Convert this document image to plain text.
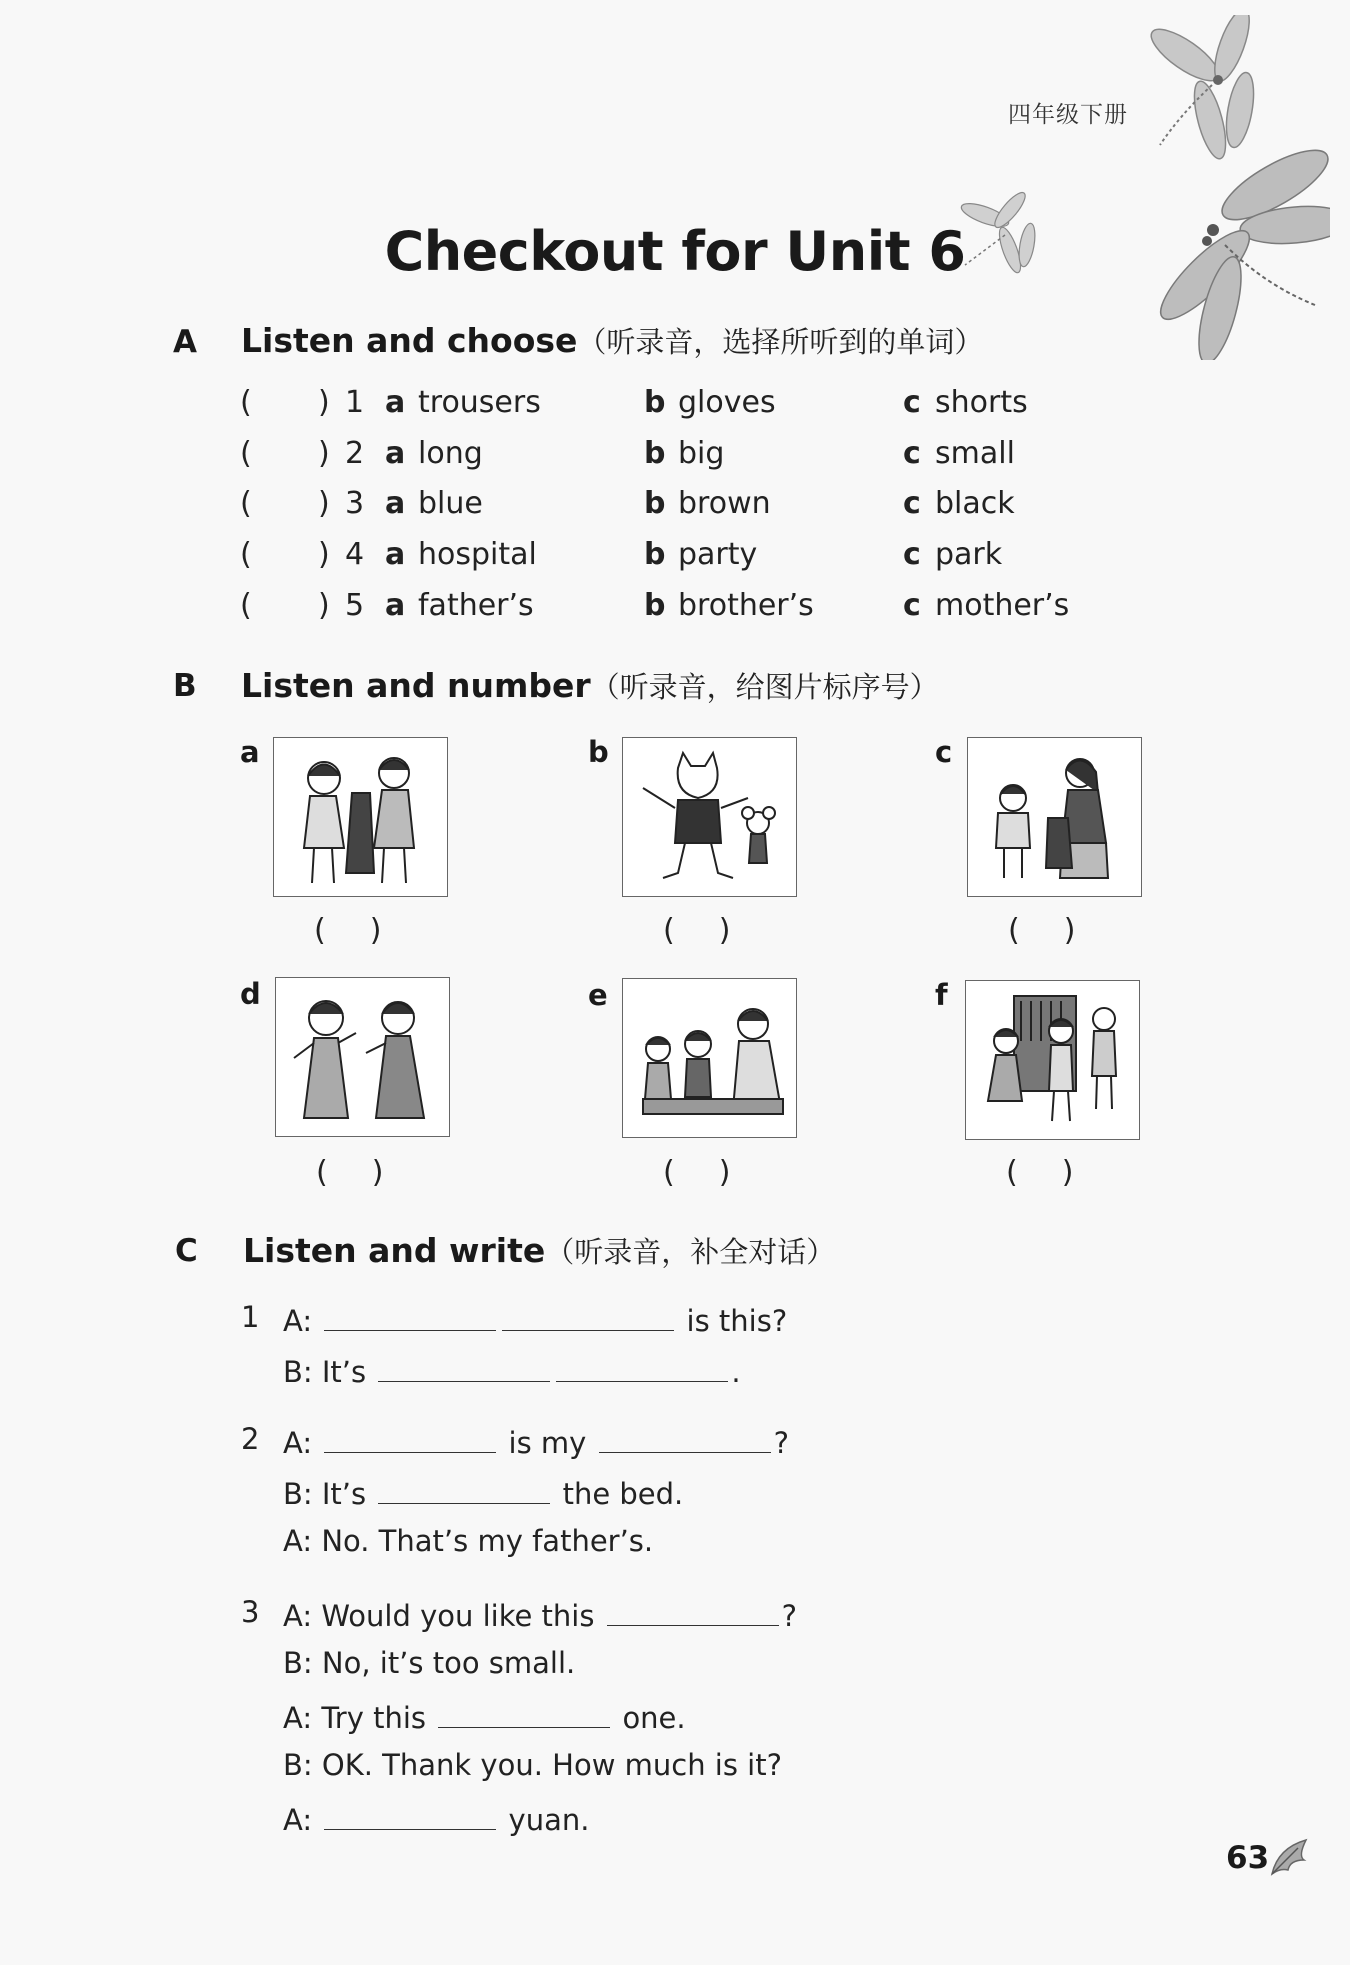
四年级下册
Checkout for Unit 6
A Listen and choose（听录音，选择所听到的单词）
( ) 1 a trousers	b gloves	c shorts
( ) 2 a long	b big	c small
( ) 3 a blue	b brown	c black
( ) 4 a hospital	b party	c park
( ) 5 a father’s	b brother’s	c mother’s
B Listen and number（听录音，给图片标序号）
a
()
b
()
c
()
d
()
e
()
f
()
C Listen and write（听录音，补全对话）
1 A:	is this?
B: It’s	.
2 A:	is my	?
B: It’s	the bed.
A: No. That’s my father’s.
3 A: Would you like this	?
B: No, it’s too small.
A: Try this	one.
B: OK. Thank you. How much is it?
A:	yuan.
63
